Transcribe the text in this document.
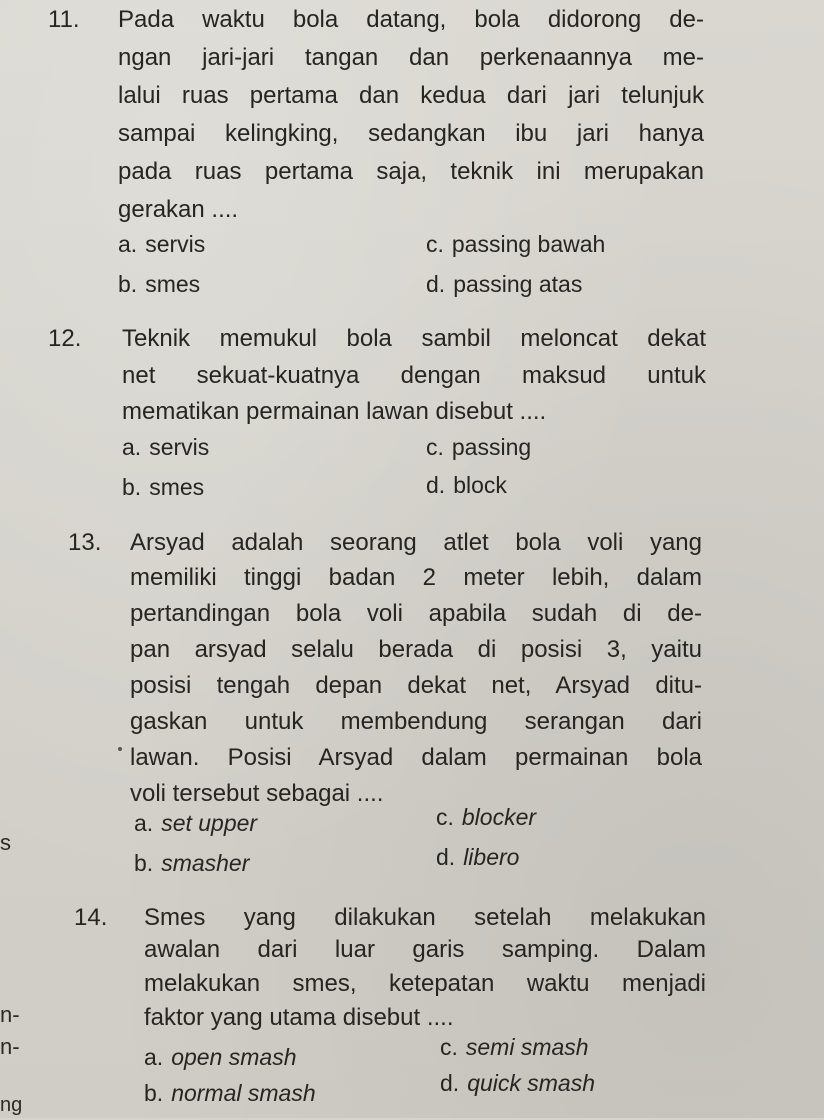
11. Pada waktu bola datang, bola didorong de-
ngan jari-jari tangan dan perkenaannya me-
lalui ruas pertama dan kedua dari jari telunjuk
sampai kelingking, sedangkan ibu jari hanya
pada ruas pertama saja, teknik ini merupakan
gerakan ....
a. servis	c. passing bawah
b. smes	d. passing atas
12. Teknik memukul bola sambil meloncat dekat
net sekuat-kuatnya dengan maksud untuk
mematikan permainan lawan disebut ....
a. servis	c. passing
b. smes	d. block
13. Arsyad adalah seorang atlet bola voli yang
memiliki tinggi badan 2 meter lebih, dalam
pertandingan bola voli apabila sudah di de-
pan arsyad selalu berada di posisi 3, yaitu
posisi tengah depan dekat net, Arsyad ditu-
gaskan untuk membendung serangan dari
lawan. Posisi Arsyad dalam permainan bola
voli tersebut sebagai ....
a. set upper	c. blocker
b. smasher	d. libero
14. Smes yang dilakukan setelah melakukan
awalan dari luar garis samping. Dalam
melakukan smes, ketepatan waktu menjadi
faktor yang utama disebut ....
a. open smash	c. semi smash
b. normal smash	d. quick smash
s
n-
n-
ng
